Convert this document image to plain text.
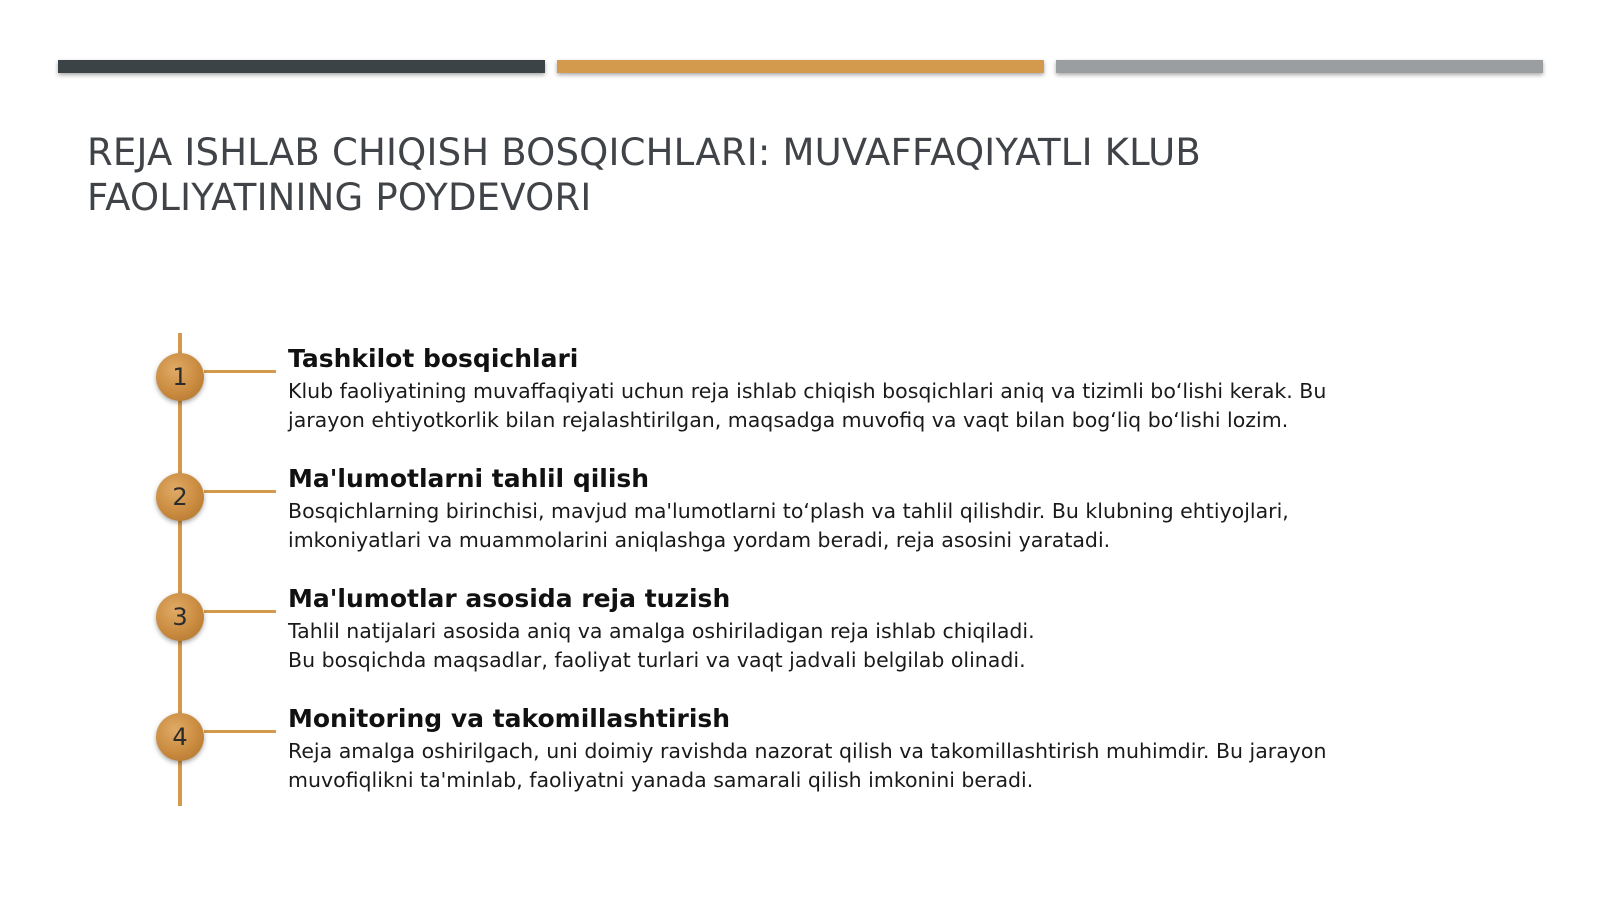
REJA ISHLAB CHIQISH BOSQICHLARI: MUVAFFAQIYATLI KLUB
FAOLIYATINING POYDEVORI
1
Tashkilot bosqichlari

Klub faoliyatining muvaffaqiyati uchun reja ishlab chiqish bosqichlari aniq va tizimli bo‘lishi kerak. Bu
jarayon ehtiyotkorlik bilan rejalashtirilgan, maqsadga muvofiq va vaqt bilan bog‘liq bo‘lishi lozim.

2
Ma'lumotlarni tahlil qilish

Bosqichlarning birinchisi, mavjud ma'lumotlarni to‘plash va tahlil qilishdir. Bu klubning ehtiyojlari,
imkoniyatlari va muammolarini aniqlashga yordam beradi, reja asosini yaratadi.

3
Ma'lumotlar asosida reja tuzish

Tahlil natijalari asosida aniq va amalga oshiriladigan reja ishlab chiqiladi.
Bu bosqichda maqsadlar, faoliyat turlari va vaqt jadvali belgilab olinadi.

4
Monitoring va takomillashtirish

Reja amalga oshirilgach, uni doimiy ravishda nazorat qilish va takomillashtirish muhimdir. Bu jarayon
muvofiqlikni ta'minlab, faoliyatni yanada samarali qilish imkonini beradi.
